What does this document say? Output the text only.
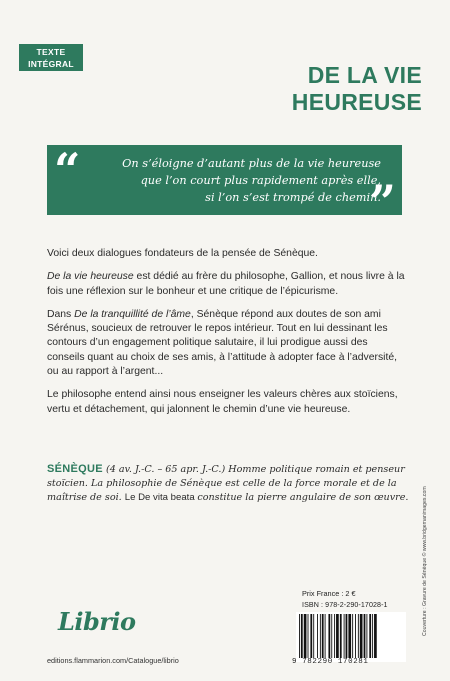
TEXTE
INTÉGRAL	DE LA VIE
HEUREUSE
“	On s’éloigne d’autant plus de la vie heureuse
que l’on court plus rapidement après elle,
si l’on s’est trompé de chemin.
”

Voici deux dialogues fondateurs de la pensée de Sénèque.

De la vie heureuse est dédié au frère du philosophe, Gallion, et nous livre à la fois une réflexion sur le bonheur et une critique de l’épicurisme.

Dans De la tranquillité de l’âme, Sénèque répond aux doutes de son ami Sérénus, soucieux de retrouver le repos intérieur. Tout en lui dessinant les contours d’un engagement politique salutaire, il lui prodigue aussi des conseils quant au choix de ses amis, à l’attitude à adopter face à l’adversité, ou au rapport à l’argent...

Le philosophe entend ainsi nous enseigner les valeurs chères aux stoïciens, vertu et détachement, qui jalonnent le chemin d’une vie heureuse.

SÉNÈQUE (4 av. J.-C. – 65 apr. J.-C.) Homme politique romain et penseur stoïcien. La philosophie de Sénèque est celle de la force morale et de la maîtrise de soi. Le De vita beata constitue la pierre angulaire de son œuvre.	Couverture : Gravure de Sénèque © www.bridgemanimages.com
Librio
editions.flammarion.com/Catalogue/librio
Prix France : 2 €
ISBN : 978-2-290-17028-1
9 782290 170281
